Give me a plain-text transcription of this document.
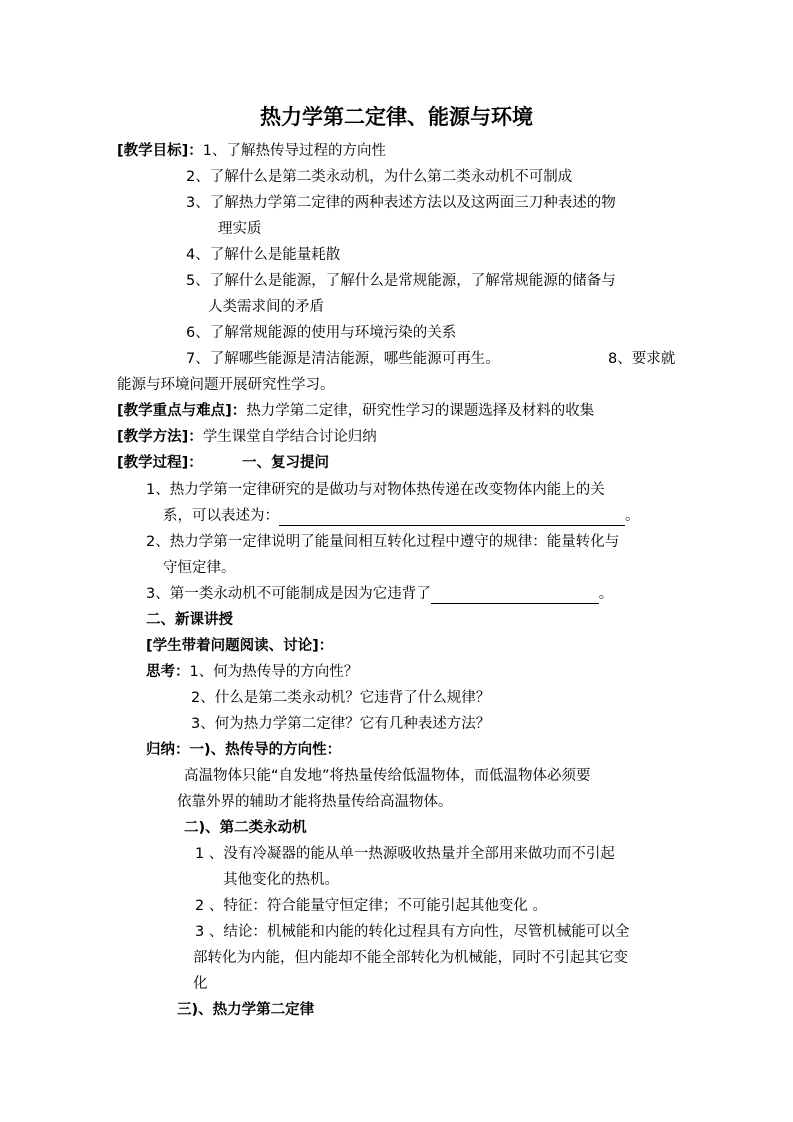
热力学第二定律、能源与环境
[教学目标]：1、了解热传导过程的方向性
2、了解什么是第二类永动机，为什么第二类永动机不可制成
3、了解热力学第二定律的两种表述方法以及这两面三刀种表述的物
理实质
4、了解什么是能量耗散
5、了解什么是能源，了解什么是常规能源，了解常规能源的储备与
人类需求间的矛盾
6、了解常规能源的使用与环境污染的关系
7、了解哪些能源是清洁能源，哪些能源可再生。	8、要求就
能源与环境问题开展研究性学习。
[教学重点与难点]：热力学第二定律，研究性学习的课题选择及材料的收集
[教学方法]：学生课堂自学结合讨论归纳
[教学过程]：	一、复习提问
1、热力学第一定律研究的是做功与对物体热传递在改变物体内能上的关
系，可以表述为：	。
2、热力学第一定律说明了能量间相互转化过程中遵守的规律：能量转化与
守恒定律。
3、第一类永动机不可能制成是因为它违背了	。
二、新课讲授
[学生带着问题阅读、讨论]：
思考：1、何为热传导的方向性？
2、什么是第二类永动机？它违背了什么规律？
3、何为热力学第二定律？它有几种表述方法？
归纳：一)、热传导的方向性：
高温物体只能“自发地”将热量传给低温物体，而低温物体必须要
依靠外界的辅助才能将热量传给高温物体。
二)、第二类永动机
1 、没有冷凝器的能从单一热源吸收热量并全部用来做功而不引起
其他变化的热机。
2 、特征：符合能量守恒定律；不可能引起其他变化 。
3 、结论：机械能和内能的转化过程具有方向性，尽管机械能可以全
部转化为内能，但内能却不能全部转化为机械能，同时不引起其它变
化
三)、热力学第二定律
